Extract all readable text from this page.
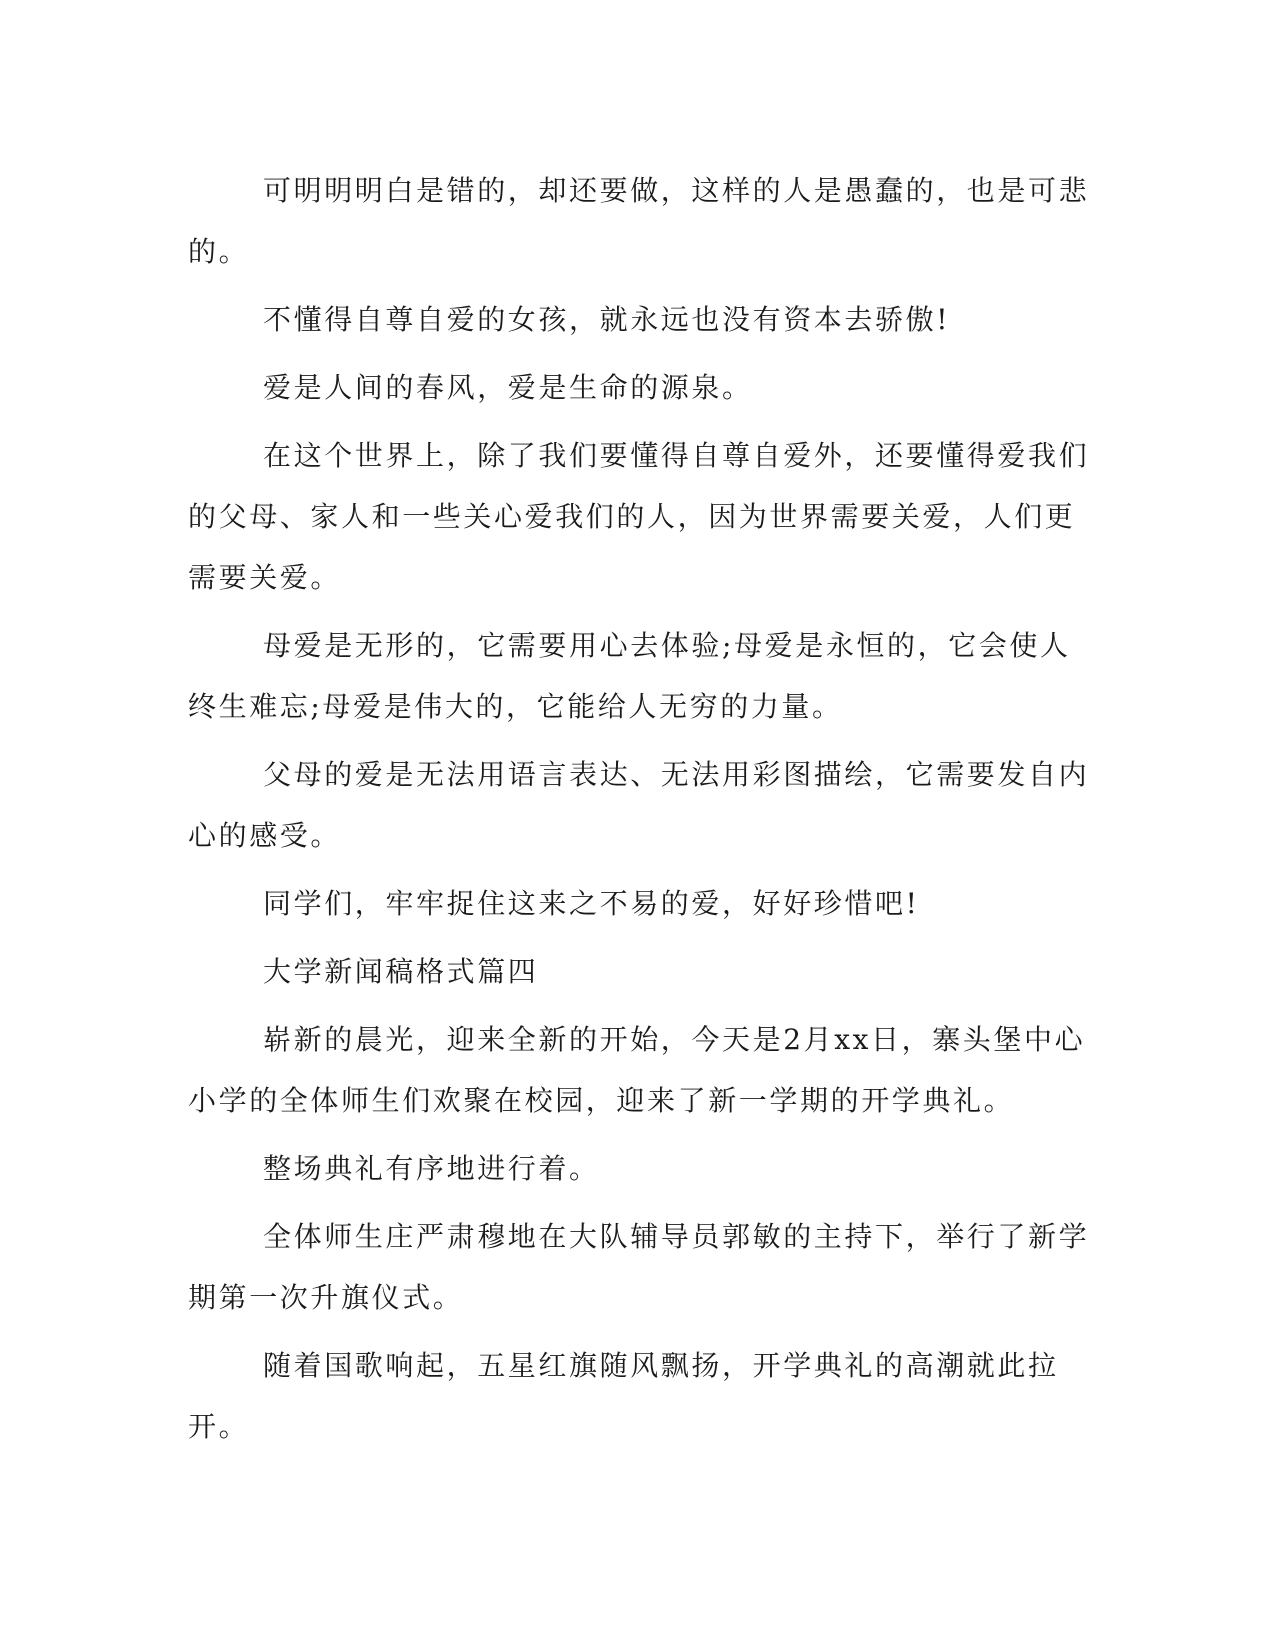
可明明明白是错的，却还要做，这样的人是愚蠢的，也是可悲的。

不懂得自尊自爱的女孩，就永远也没有资本去骄傲!

爱是人间的春风，爱是生命的源泉。

在这个世界上，除了我们要懂得自尊自爱外，还要懂得爱我们的父母、家人和一些关心爱我们的人，因为世界需要关爱，人们更需要关爱。

母爱是无形的，它需要用心去体验;母爱是永恒的，它会使人终生难忘;母爱是伟大的，它能给人无穷的力量。

父母的爱是无法用语言表达、无法用彩图描绘，它需要发自内心的感受。

同学们，牢牢捉住这来之不易的爱，好好珍惜吧!

大学新闻稿格式篇四

崭新的晨光，迎来全新的开始，今天是2月xx日，寨头堡中心小学的全体师生们欢聚在校园，迎来了新一学期的开学典礼。

整场典礼有序地进行着。

全体师生庄严肃穆地在大队辅导员郭敏的主持下，举行了新学期第一次升旗仪式。

随着国歌响起，五星红旗随风飘扬，开学典礼的高潮就此拉开。
